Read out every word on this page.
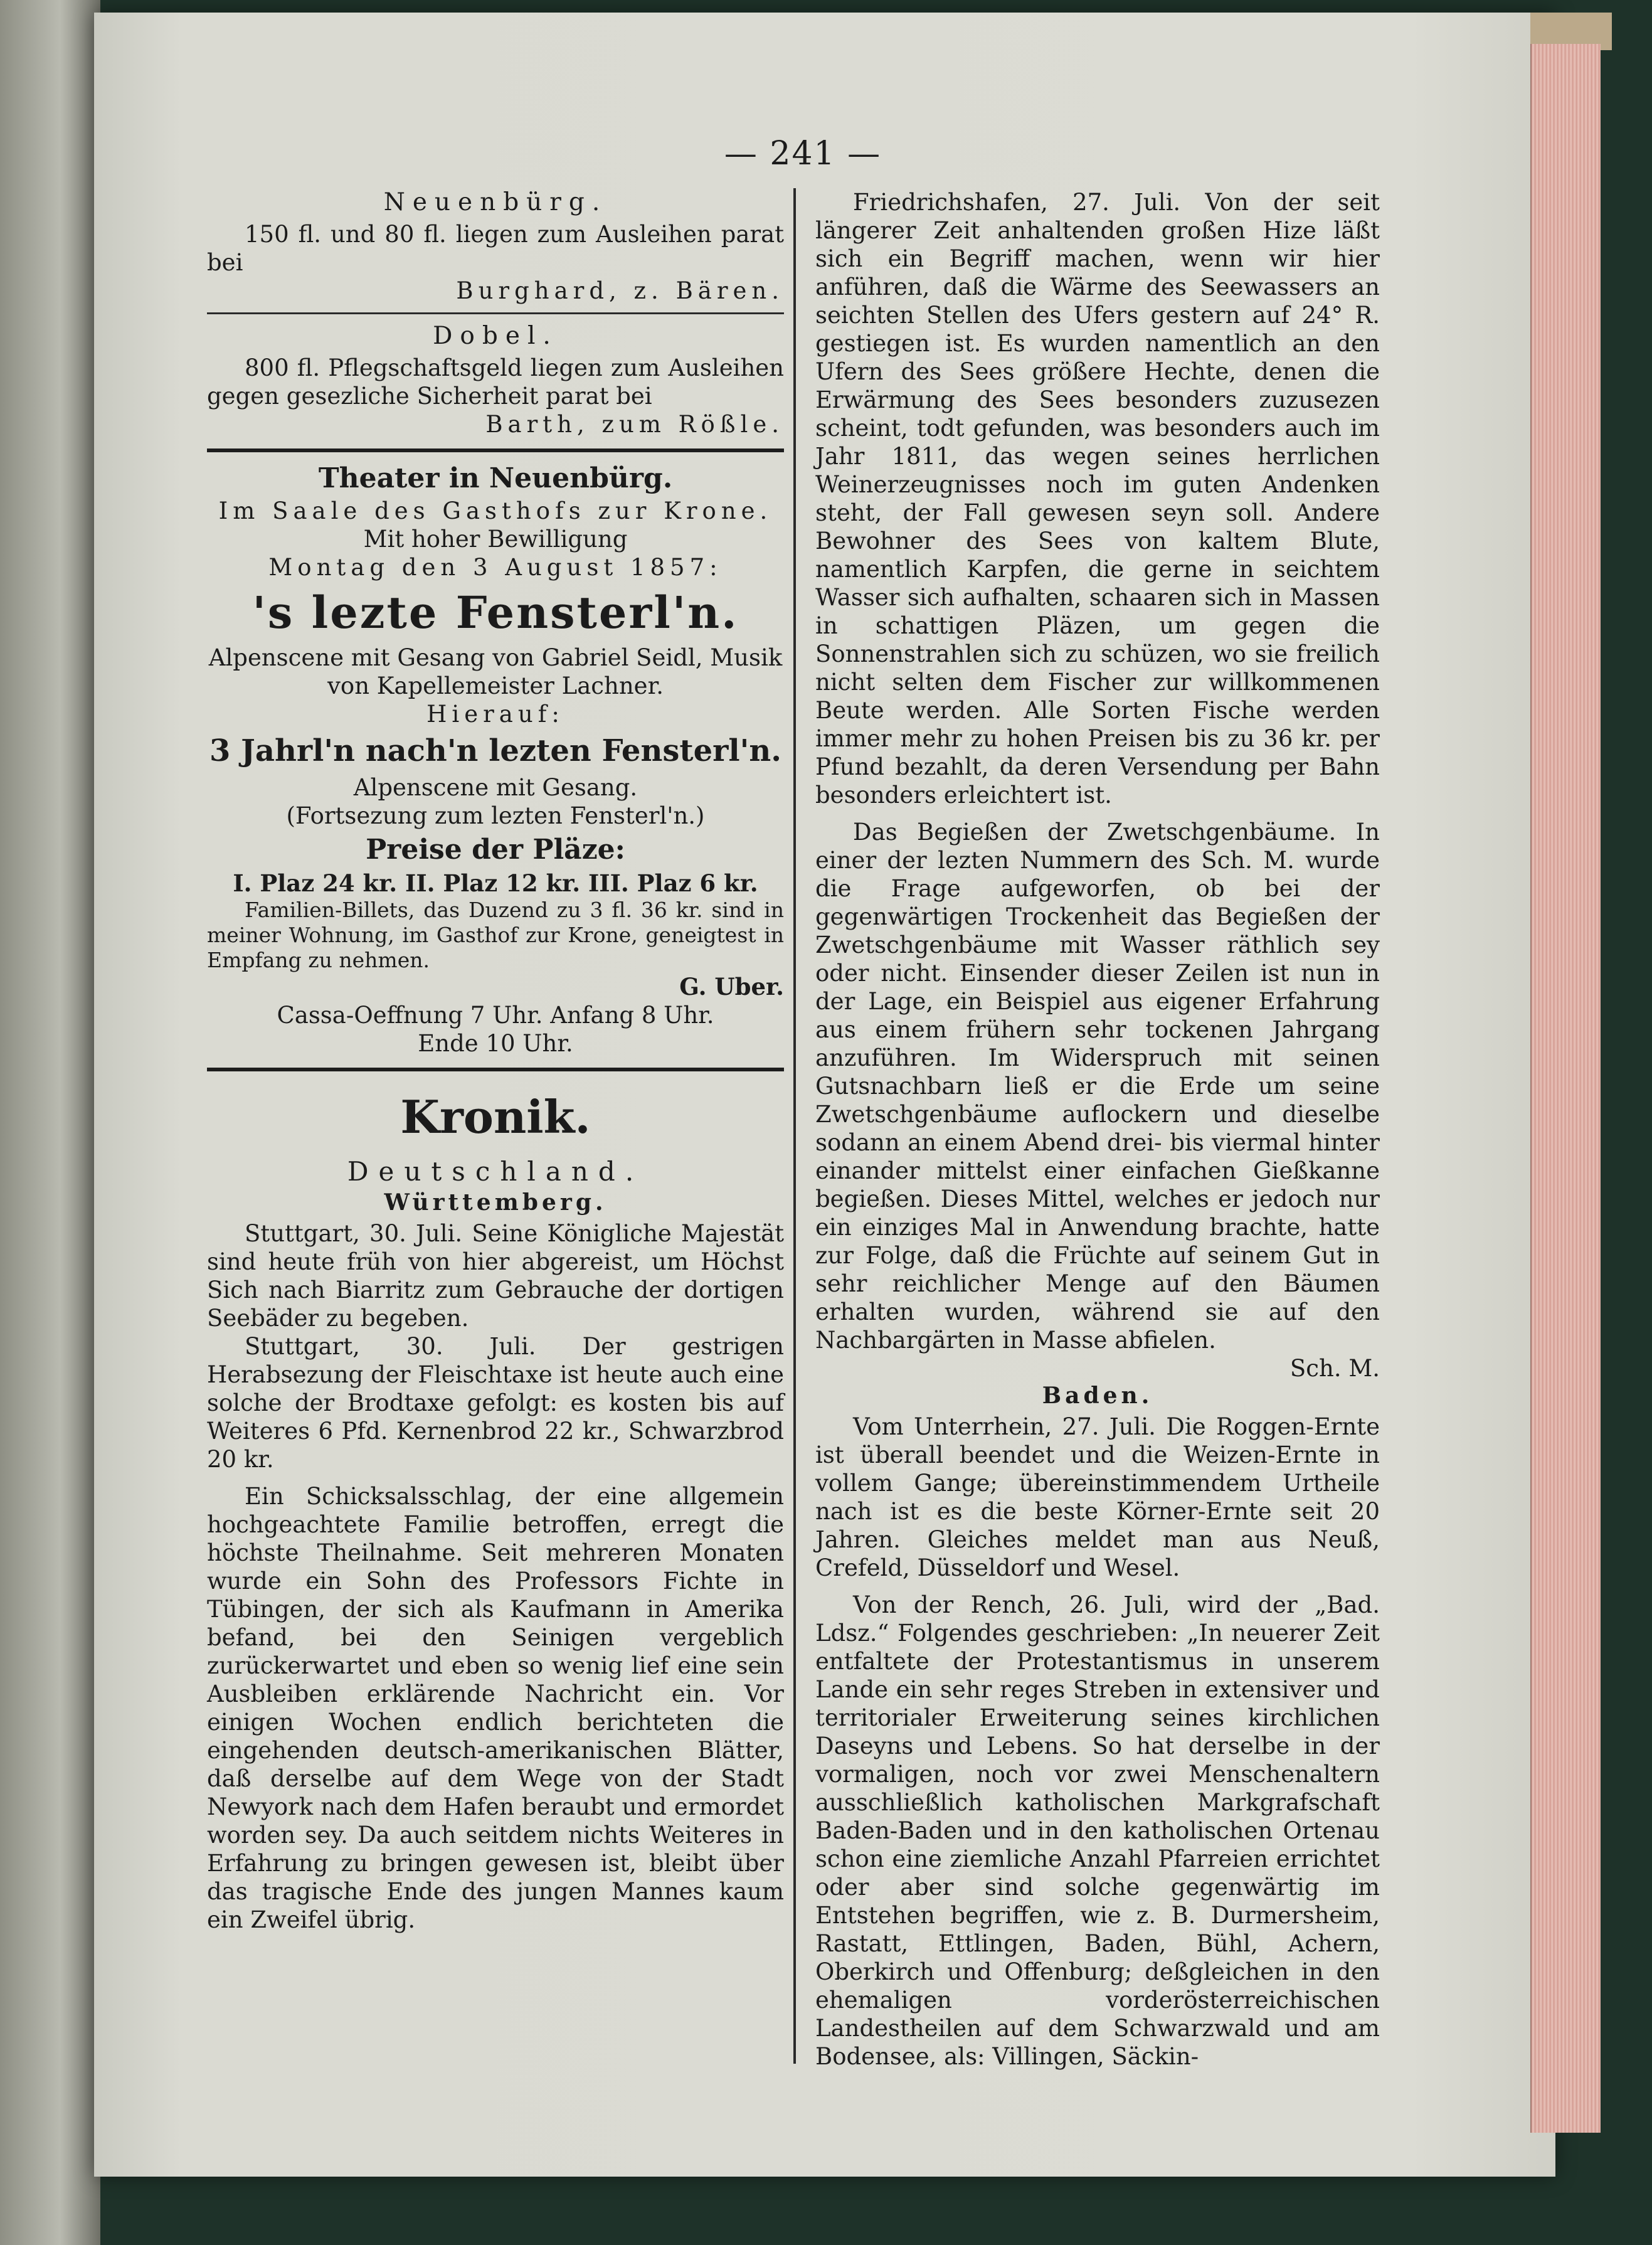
— 241 —

Neuenbürg.

150 fl. und 80 fl. liegen zum Ausleihen parat bei

Burghard, z. Bären.

Dobel.

800 fl. Pflegschaftsgeld liegen zum Ausleihen gegen gesezliche Sicherheit parat bei

Barth, zum Rößle.

Theater in Neuenbürg.

Im Saale des Gasthofs zur Krone.

Mit hoher Bewilligung

Montag den 3 August 1857:

's lezte Fensterl'n.

Alpenscene mit Gesang von Gabriel Seidl, Musik von Kapellemeister Lachner.

Hierauf:

3 Jahrl'n nach'n lezten Fensterl'n.

Alpenscene mit Gesang.

(Fortsezung zum lezten Fensterl'n.)

Preise der Pläze:

I. Plaz 24 kr. II. Plaz 12 kr. III. Plaz 6 kr.

Familien-Billets, das Duzend zu 3 fl. 36 kr. sind in meiner Wohnung, im Gasthof zur Krone, geneigtest in Empfang zu nehmen.

G. Uber.

Cassa-Oeffnung 7 Uhr. Anfang 8 Uhr.

Ende 10 Uhr.

Kronik.

Deutschland.

Württemberg.

Stuttgart, 30. Juli. Seine Königliche Majestät sind heute früh von hier abgereist, um Höchst Sich nach Biarritz zum Gebrauche der dortigen Seebäder zu begeben.

Stuttgart, 30. Juli. Der gestrigen Herabsezung der Fleischtaxe ist heute auch eine solche der Brodtaxe gefolgt: es kosten bis auf Weiteres 6 Pfd. Kernenbrod 22 kr., Schwarzbrod 20 kr.

Ein Schicksalsschlag, der eine allgemein hochgeachtete Familie betroffen, erregt die höchste Theilnahme. Seit mehreren Monaten wurde ein Sohn des Professors Fichte in Tübingen, der sich als Kaufmann in Amerika befand, bei den Seinigen vergeblich zurückerwartet und eben so wenig lief eine sein Ausbleiben erklärende Nachricht ein. Vor einigen Wochen endlich berichteten die eingehenden deutsch-amerikanischen Blätter, daß derselbe auf dem Wege von der Stadt Newyork nach dem Hafen beraubt und ermordet worden sey. Da auch seitdem nichts Weiteres in Erfahrung zu bringen gewesen ist, bleibt über das tragische Ende des jungen Mannes kaum ein Zweifel übrig.

Friedrichshafen, 27. Juli. Von der seit längerer Zeit anhaltenden großen Hize läßt sich ein Begriff machen, wenn wir hier anführen, daß die Wärme des Seewassers an seichten Stellen des Ufers gestern auf 24° R. gestiegen ist. Es wurden namentlich an den Ufern des Sees größere Hechte, denen die Erwärmung des Sees besonders zuzusezen scheint, todt gefunden, was besonders auch im Jahr 1811, das wegen seines herrlichen Weinerzeugnisses noch im guten Andenken steht, der Fall gewesen seyn soll. Andere Bewohner des Sees von kaltem Blute, namentlich Karpfen, die gerne in seichtem Wasser sich aufhalten, schaaren sich in Massen in schattigen Pläzen, um gegen die Sonnenstrahlen sich zu schüzen, wo sie freilich nicht selten dem Fischer zur willkommenen Beute werden. Alle Sorten Fische werden immer mehr zu hohen Preisen bis zu 36 kr. per Pfund bezahlt, da deren Versendung per Bahn besonders erleichtert ist.

Das Begießen der Zwetschgenbäume. In einer der lezten Nummern des Sch. M. wurde die Frage aufgeworfen, ob bei der gegenwärtigen Trockenheit das Begießen der Zwetschgenbäume mit Wasser räthlich sey oder nicht. Einsender dieser Zeilen ist nun in der Lage, ein Beispiel aus eigener Erfahrung aus einem frühern sehr tockenen Jahrgang anzuführen. Im Widerspruch mit seinen Gutsnachbarn ließ er die Erde um seine Zwetschgenbäume auflockern und dieselbe sodann an einem Abend drei- bis viermal hinter einander mittelst einer einfachen Gießkanne begießen. Dieses Mittel, welches er jedoch nur ein einziges Mal in Anwendung brachte, hatte zur Folge, daß die Früchte auf seinem Gut in sehr reichlicher Menge auf den Bäumen erhalten wurden, während sie auf den Nachbargärten in Masse abfielen.

Sch. M.

Baden.

Vom Unterrhein, 27. Juli. Die Roggen-Ernte ist überall beendet und die Weizen-Ernte in vollem Gange; übereinstimmendem Urtheile nach ist es die beste Körner-Ernte seit 20 Jahren. Gleiches meldet man aus Neuß, Crefeld, Düsseldorf und Wesel.

Von der Rench, 26. Juli, wird der „Bad. Ldsz.“ Folgendes geschrieben: „In neuerer Zeit entfaltete der Protestantismus in unserem Lande ein sehr reges Streben in extensiver und territorialer Erweiterung seines kirchlichen Daseyns und Lebens. So hat derselbe in der vormaligen, noch vor zwei Menschenaltern ausschließlich katholischen Markgrafschaft Baden-Baden und in den katholischen Ortenau schon eine ziemliche Anzahl Pfarreien errichtet oder aber sind solche gegenwärtig im Entstehen begriffen, wie z. B. Durmersheim, Rastatt, Ettlingen, Baden, Bühl, Achern, Oberkirch und Offenburg; deßgleichen in den ehemaligen vorderösterreichischen Landestheilen auf dem Schwarzwald und am Bodensee, als: Villingen, Säckin-
